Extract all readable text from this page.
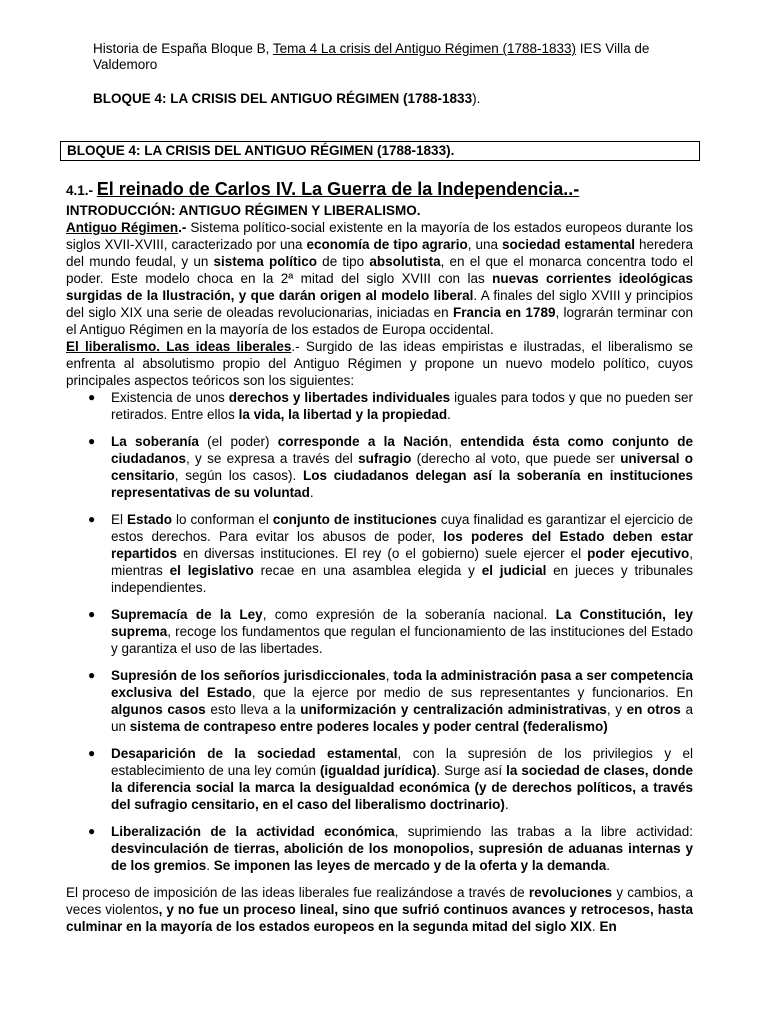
Historia de España Bloque B, Tema 4 La crisis del Antiguo Régimen (1788-1833) IES Villa de Valdemoro
BLOQUE 4: LA CRISIS DEL ANTIGUO RÉGIMEN (1788-1833).
BLOQUE 4: LA CRISIS DEL ANTIGUO RÉGIMEN (1788-1833).
4.1.- El reinado de Carlos IV. La Guerra de la Independencia..-
INTRODUCCIÓN: ANTIGUO RÉGIMEN Y LIBERALISMO.

Antiguo Régimen.- Sistema político-social existente en la mayoría de los estados europeos durante los siglos XVII-XVIII, caracterizado por una economía de tipo agrario, una sociedad estamental heredera del mundo feudal, y un sistema político de tipo absolutista, en el que el monarca concentra todo el poder. Este modelo choca en la 2ª mitad del siglo XVIII con las nuevas corrientes ideológicas surgidas de la Ilustración, y que darán origen al modelo liberal. A finales del siglo XVIII y principios del siglo XIX una serie de oleadas revolucionarias, iniciadas en Francia en 1789, lograrán terminar con el Antiguo Régimen en la mayoría de los estados de Europa occidental.

El liberalismo. Las ideas liberales.- Surgido de las ideas empiristas e ilustradas, el liberalismo se enfrenta al absolutismo propio del Antiguo Régimen y propone un nuevo modelo político, cuyos principales aspectos teóricos son los siguientes:

● Existencia de unos derechos y libertades individuales iguales para todos y que no pueden ser retirados. Entre ellos la vida, la libertad y la propiedad.
● La soberanía (el poder) corresponde a la Nación, entendida ésta como conjunto de ciudadanos, y se expresa a través del sufragio (derecho al voto, que puede ser universal o censitario, según los casos). Los ciudadanos delegan así la soberanía en instituciones representativas de su voluntad.
● El Estado lo conforman el conjunto de instituciones cuya finalidad es garantizar el ejercicio de estos derechos. Para evitar los abusos de poder, los poderes del Estado deben estar repartidos en diversas instituciones. El rey (o el gobierno) suele ejercer el poder ejecutivo, mientras el legislativo recae en una asamblea elegida y el judicial en jueces y tribunales independientes.
● Supremacía de la Ley, como expresión de la soberanía nacional. La Constitución, ley suprema, recoge los fundamentos que regulan el funcionamiento de las instituciones del Estado y garantiza el uso de las libertades.
● Supresión de los señoríos jurisdiccionales, toda la administración pasa a ser competencia exclusiva del Estado, que la ejerce por medio de sus representantes y funcionarios. En algunos casos esto lleva a la uniformización y centralización administrativas, y en otros a un sistema de contrapeso entre poderes locales y poder central (federalismo)
● Desaparición de la sociedad estamental, con la supresión de los privilegios y el establecimiento de una ley común (igualdad jurídica). Surge así la sociedad de clases, donde la diferencia social la marca la desigualdad económica (y de derechos políticos, a través del sufragio censitario, en el caso del liberalismo doctrinario).
● Liberalización de la actividad económica, suprimiendo las trabas a la libre actividad: desvinculación de tierras, abolición de los monopolios, supresión de aduanas internas y de los gremios. Se imponen las leyes de mercado y de la oferta y la demanda.

El proceso de imposición de las ideas liberales fue realizándose a través de revoluciones y cambios, a veces violentos, y no fue un proceso lineal, sino que sufrió continuos avances y retrocesos, hasta culminar en la mayoría de los estados europeos en la segunda mitad del siglo XIX. En
